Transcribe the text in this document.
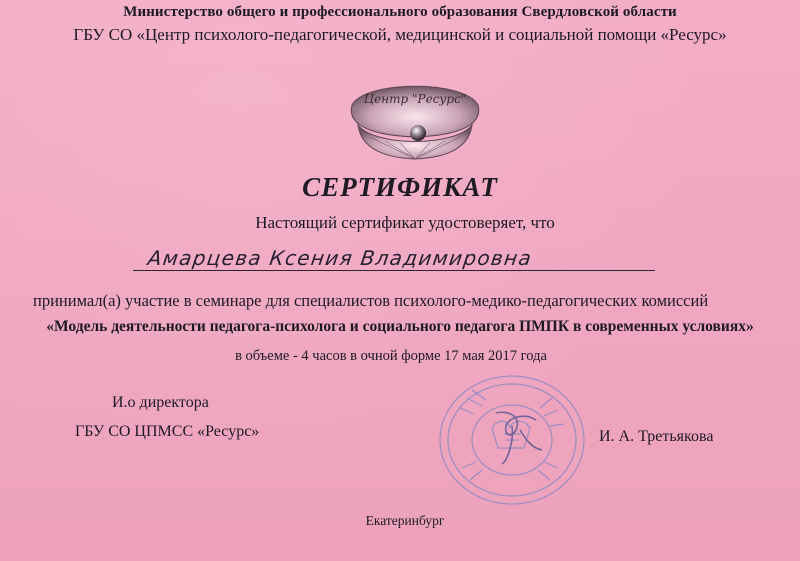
Министерство общего и профессионального образования Свердловской области
ГБУ СО «Центр психолого-педагогической, медицинской и социальной помощи «Ресурс»
Центр "Ресурс"
СЕРТИФИКАТ
Настоящий сертификат удостоверяет, что
Амарцева Ксения Владимировна
принимал(а) участие в семинаре для специалистов психолого-медико-педагогических комиссий
«Модель деятельности педагога-психолога и социального педагога ПМПК в современных условиях»
в объеме - 4 часов в очной форме 17 мая 2017 года
И.о директора
ГБУ СО ЦПМСС «Ресурс»	И. А. Третьякова
Екатеринбург
